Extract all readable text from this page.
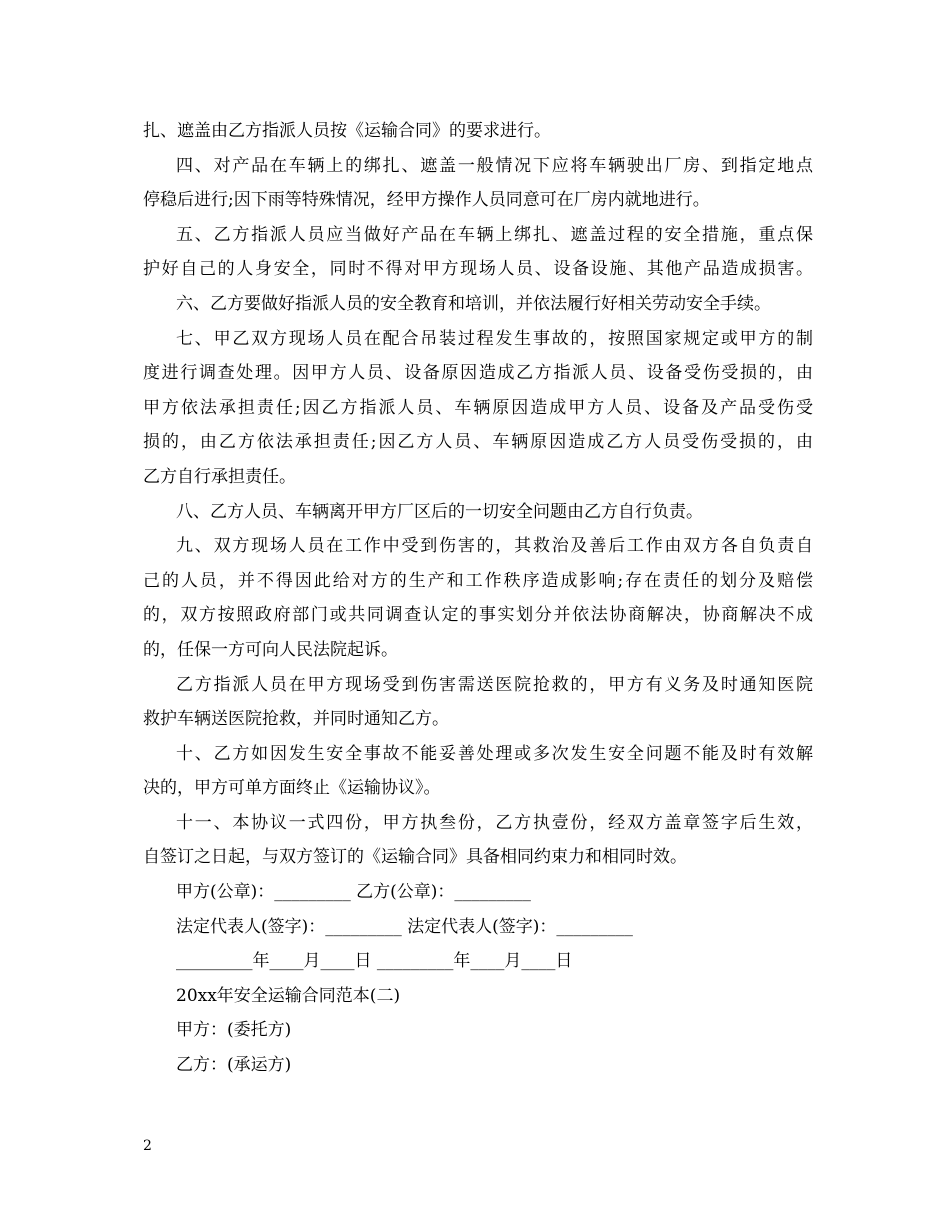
扎、遮盖由乙方指派人员按《运输合同》的要求进行。
四、对产品在车辆上的绑扎、遮盖一般情况下应将车辆驶出厂房、到指定地点
停稳后进行;因下雨等特殊情况，经甲方操作人员同意可在厂房内就地进行。
五、乙方指派人员应当做好产品在车辆上绑扎、遮盖过程的安全措施，重点保
护好自己的人身安全，同时不得对甲方现场人员、设备设施、其他产品造成损害。
六、乙方要做好指派人员的安全教育和培训，并依法履行好相关劳动安全手续。
七、甲乙双方现场人员在配合吊装过程发生事故的，按照国家规定或甲方的制
度进行调查处理。因甲方人员、设备原因造成乙方指派人员、设备受伤受损的，由
甲方依法承担责任;因乙方指派人员、车辆原因造成甲方人员、设备及产品受伤受
损的，由乙方依法承担责任;因乙方人员、车辆原因造成乙方人员受伤受损的，由
乙方自行承担责任。
八、乙方人员、车辆离开甲方厂区后的一切安全问题由乙方自行负责。
九、双方现场人员在工作中受到伤害的，其救治及善后工作由双方各自负责自
己的人员，并不得因此给对方的生产和工作秩序造成影响;存在责任的划分及赔偿
的，双方按照政府部门或共同调查认定的事实划分并依法协商解决，协商解决不成
的，任保一方可向人民法院起诉。
乙方指派人员在甲方现场受到伤害需送医院抢救的，甲方有义务及时通知医院
救护车辆送医院抢救，并同时通知乙方。
十、乙方如因发生安全事故不能妥善处理或多次发生安全问题不能及时有效解
决的，甲方可单方面终止《运输协议》。
十一、本协议一式四份，甲方执叁份，乙方执壹份，经双方盖章签字后生效，
自签订之日起，与双方签订的《运输合同》具备相同约束力和相同时效。
甲方(公章)：_________ 乙方(公章)：_________
法定代表人(签字)：_________ 法定代表人(签字)：_________
_________年____月____日 _________年____月____日
20xx年安全运输合同范本(二)
甲方：(委托方)
乙方：(承运方)
2
